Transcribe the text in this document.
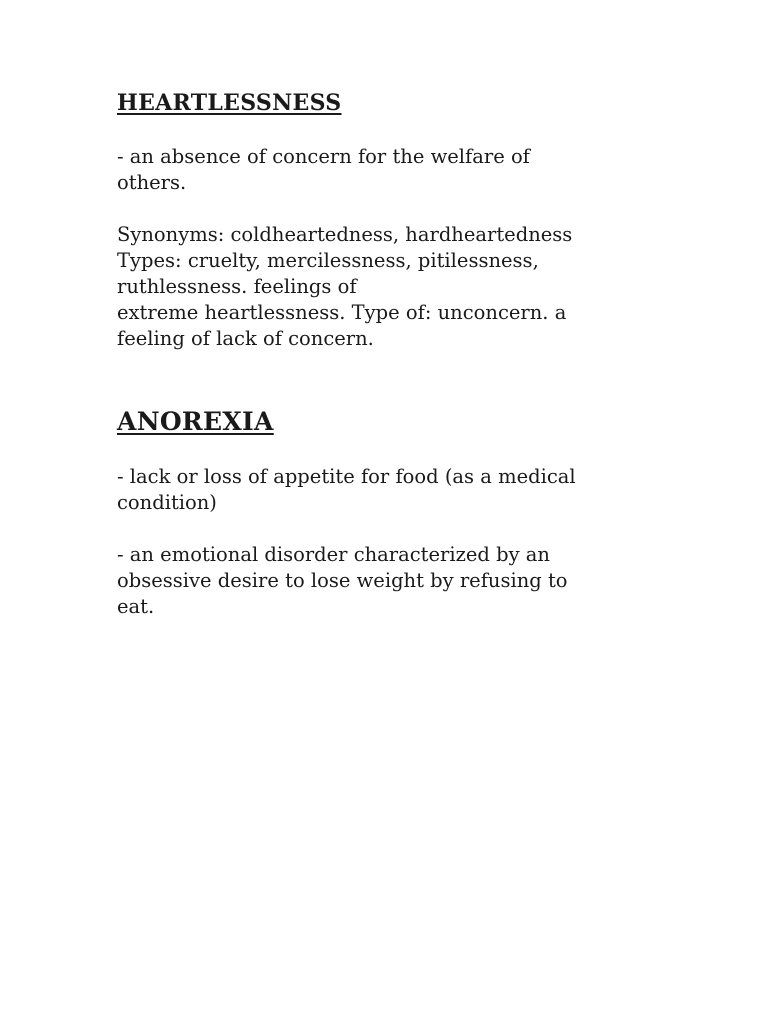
HEARTLESSNESS

- an absence of concern for the welfare of
others.

Synonyms: coldheartedness, hardheartedness
Types: cruelty, mercilessness, pitilessness,
ruthlessness. feelings of
extreme heartlessness. Type of: unconcern. a
feeling of lack of concern.

ANOREXIA

- lack or loss of appetite for food (as a medical
condition)

- an emotional disorder characterized by an
obsessive desire to lose weight by refusing to
eat.
